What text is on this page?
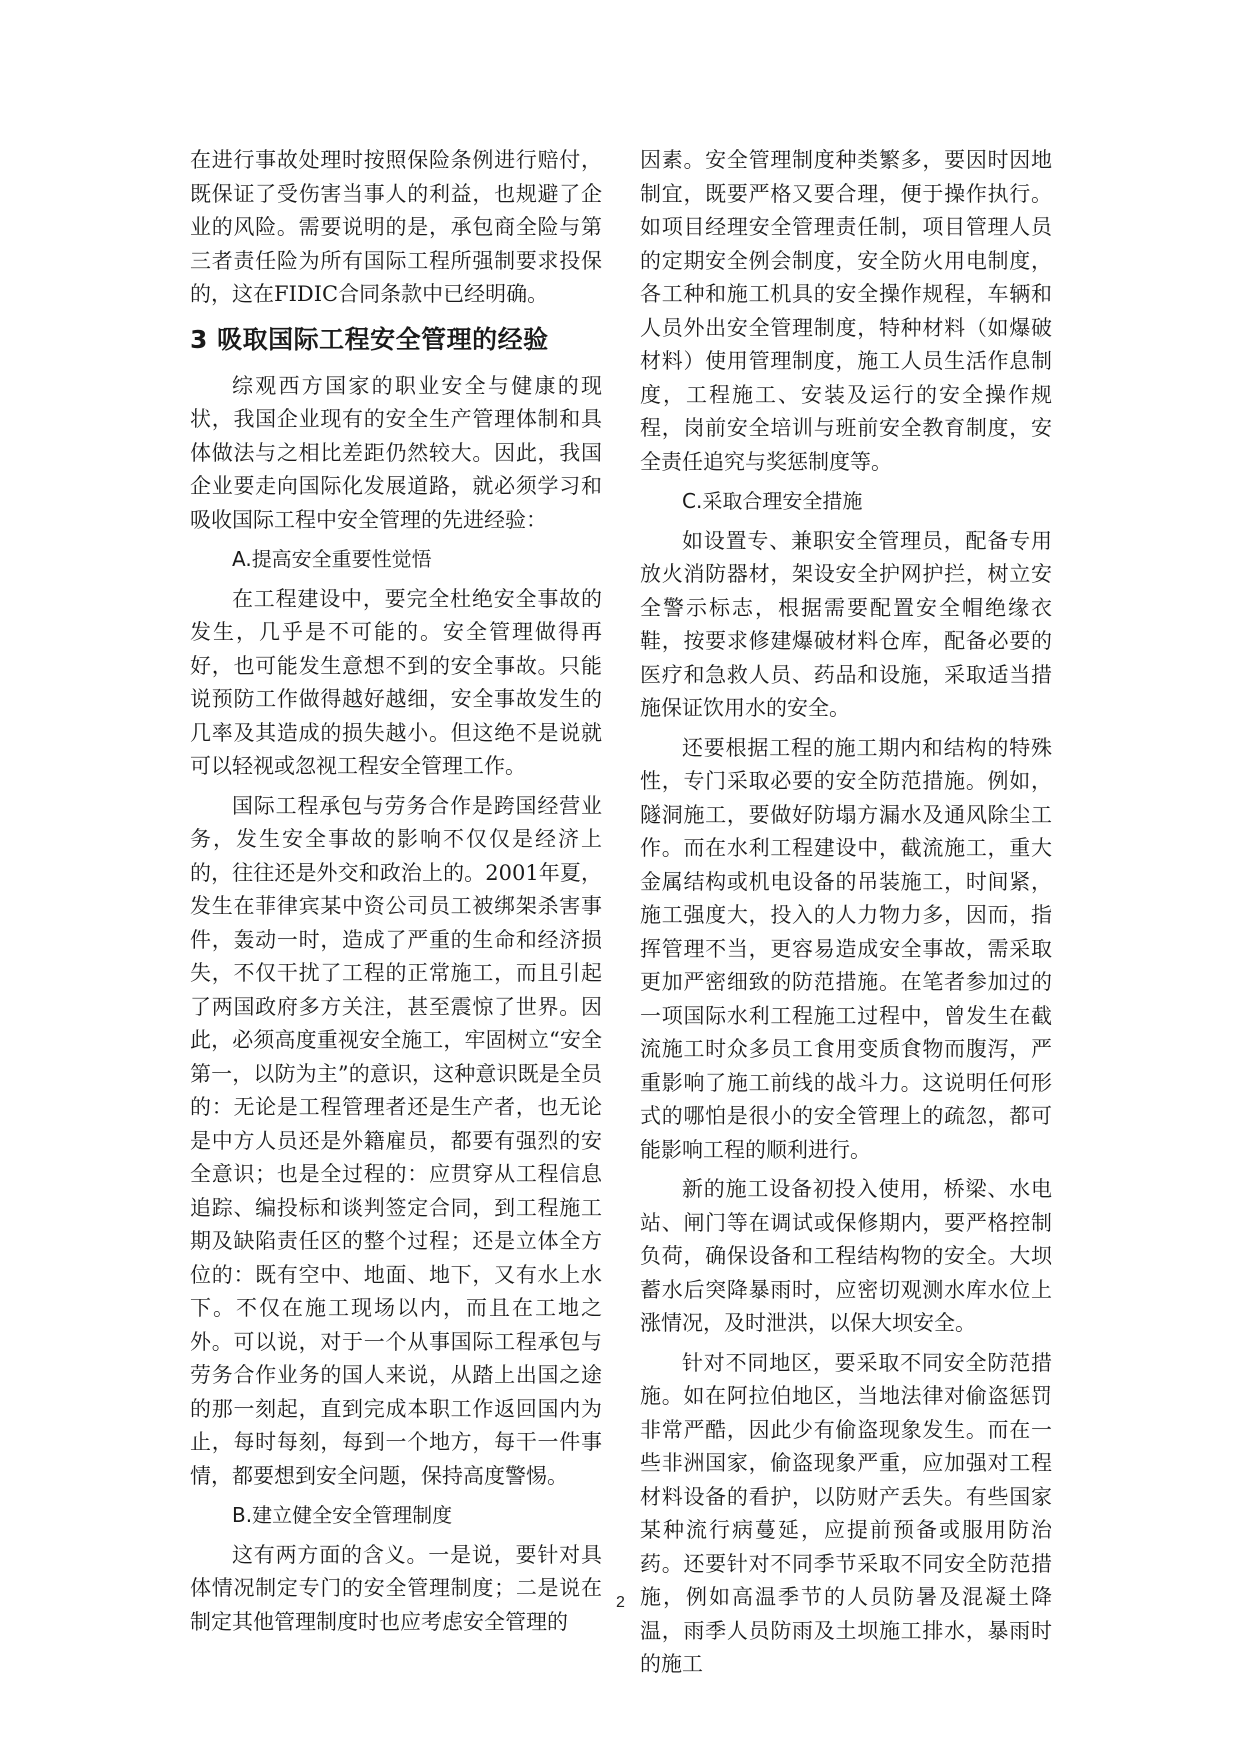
在进行事故处理时按照保险条例进行赔付，既保证了受伤害当事人的利益，也规避了企业的风险。需要说明的是，承包商全险与第三者责任险为所有国际工程所强制要求投保的，这在FIDIC合同条款中已经明确。

3 吸取国际工程安全管理的经验

综观西方国家的职业安全与健康的现状，我国企业现有的安全生产管理体制和具体做法与之相比差距仍然较大。因此，我国企业要走向国际化发展道路，就必须学习和吸收国际工程中安全管理的先进经验：

A.提高安全重要性觉悟

在工程建设中，要完全杜绝安全事故的发生，几乎是不可能的。安全管理做得再好，也可能发生意想不到的安全事故。只能说预防工作做得越好越细，安全事故发生的几率及其造成的损失越小。但这绝不是说就可以轻视或忽视工程安全管理工作。

国际工程承包与劳务合作是跨国经营业务，发生安全事故的影响不仅仅是经济上的，往往还是外交和政治上的。2001年夏，发生在菲律宾某中资公司员工被绑架杀害事件，轰动一时，造成了严重的生命和经济损失，不仅干扰了工程的正常施工，而且引起了两国政府多方关注，甚至震惊了世界。因此，必须高度重视安全施工，牢固树立“安全第一，以防为主”的意识，这种意识既是全员的：无论是工程管理者还是生产者，也无论是中方人员还是外籍雇员，都要有强烈的安全意识；也是全过程的：应贯穿从工程信息追踪、编投标和谈判签定合同，到工程施工期及缺陷责任区的整个过程；还是立体全方位的：既有空中、地面、地下，又有水上水下。不仅在施工现场以内，而且在工地之外。可以说，对于一个从事国际工程承包与劳务合作业务的国人来说，从踏上出国之途的那一刻起，直到完成本职工作返回国内为止，每时每刻，每到一个地方，每干一件事情，都要想到安全问题，保持高度警惕。

B.建立健全安全管理制度

这有两方面的含义。一是说，要针对具体情况制定专门的安全管理制度；二是说在制定其他管理制度时也应考虑安全管理的

因素。安全管理制度种类繁多，要因时因地制宜，既要严格又要合理，便于操作执行。如项目经理安全管理责任制，项目管理人员的定期安全例会制度，安全防火用电制度，各工种和施工机具的安全操作规程，车辆和人员外出安全管理制度，特种材料（如爆破材料）使用管理制度，施工人员生活作息制度，工程施工、安装及运行的安全操作规程，岗前安全培训与班前安全教育制度，安全责任追究与奖惩制度等。

C.采取合理安全措施

如设置专、兼职安全管理员，配备专用放火消防器材，架设安全护网护拦，树立安全警示标志，根据需要配置安全帽绝缘衣鞋，按要求修建爆破材料仓库，配备必要的医疗和急救人员、药品和设施，采取适当措施保证饮用水的安全。

还要根据工程的施工期内和结构的特殊性，专门采取必要的安全防范措施。例如，隧洞施工，要做好防塌方漏水及通风除尘工作。而在水利工程建设中，截流施工，重大金属结构或机电设备的吊装施工，时间紧，施工强度大，投入的人力物力多，因而，指挥管理不当，更容易造成安全事故，需采取更加严密细致的防范措施。在笔者参加过的一项国际水利工程施工过程中，曾发生在截流施工时众多员工食用变质食物而腹泻，严重影响了施工前线的战斗力。这说明任何形式的哪怕是很小的安全管理上的疏忽，都可能影响工程的顺利进行。

新的施工设备初投入使用，桥梁、水电站、闸门等在调试或保修期内，要严格控制负荷，确保设备和工程结构物的安全。大坝蓄水后突降暴雨时，应密切观测水库水位上涨情况，及时泄洪，以保大坝安全。

针对不同地区，要采取不同安全防范措施。如在阿拉伯地区，当地法律对偷盗惩罚非常严酷，因此少有偷盗现象发生。而在一些非洲国家，偷盗现象严重，应加强对工程材料设备的看护，以防财产丢失。有些国家某种流行病蔓延，应提前预备或服用防治药。还要针对不同季节采取不同安全防范措施，例如高温季节的人员防暑及混凝土降温，雨季人员防雨及土坝施工排水，暴雨时的施工

2
